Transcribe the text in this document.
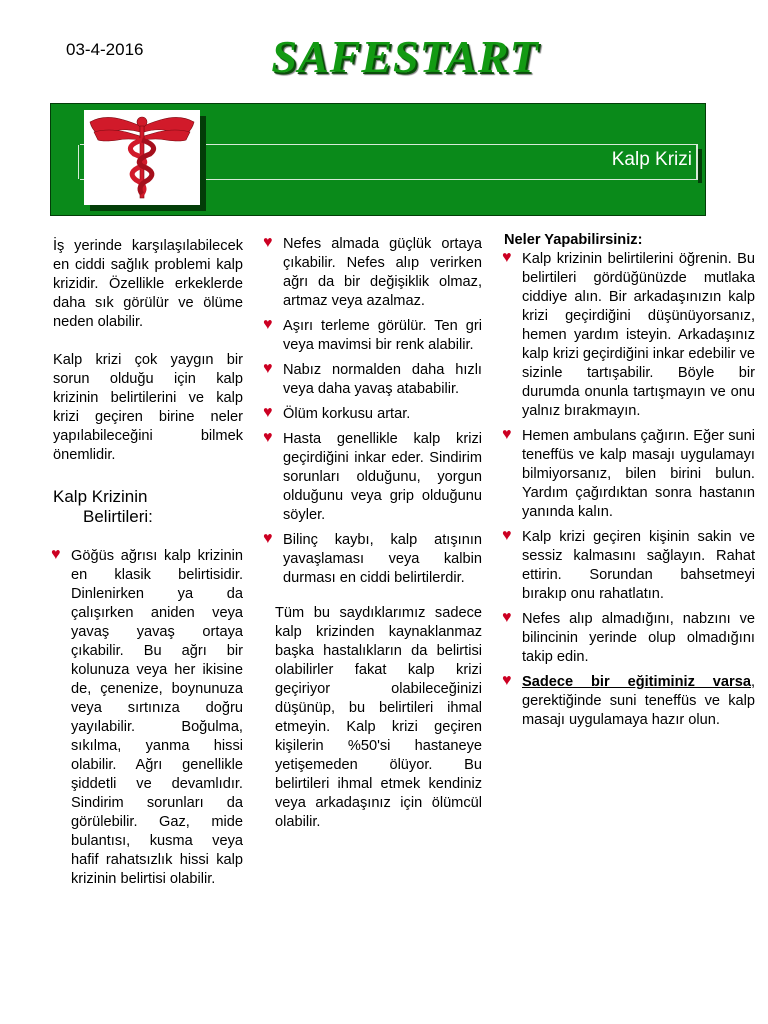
03-4-2016	SAFESTART
Kalp Krizi

İş yerinde karşılaşılabilecek en ciddi sağlık problemi kalp krizidir. Özellikle erkeklerde daha sık görülür ve ölüme neden olabilir.

Kalp krizi çok yaygın bir sorun olduğu için kalp krizinin belirtilerini ve kalp krizi geçiren birine neler yapılabileceğini bilmek önemlidir.

Kalp Krizinin

Belirtileri:

♥ Göğüs ağrısı kalp krizinin en klasik belirtisidir. Dinlenirken ya da çalışırken aniden veya yavaş yavaş ortaya çıkabilir. Bu ağrı bir kolunuza veya her ikisine de, çenenize, boynunuza veya sırtınıza doğru yayılabilir. Boğulma, sıkılma, yanma hissi olabilir. Ağrı genellikle şiddetli ve devamlıdır. Sindirim sorunları da görülebilir. Gaz, mide bulantısı, kusma veya hafif rahatsızlık hissi kalp krizinin belirtisi olabilir.
♥ Nefes almada güçlük ortaya çıkabilir. Nefes alıp verirken ağrı da bir değişiklik olmaz, artmaz veya azalmaz.
♥ Aşırı terleme görülür. Ten gri veya mavimsi bir renk alabilir.
♥ Nabız normalden daha hızlı veya daha yavaş atababilir.
♥ Ölüm korkusu artar.
♥ Hasta genellikle kalp krizi geçirdiğini inkar eder. Sindirim sorunları olduğunu, yorgun olduğunu veya grip olduğunu söyler.
♥ Bilinç kaybı, kalp atışının yavaşlaması veya kalbin durması en ciddi belirtilerdir.

Tüm bu saydıklarımız sadece kalp krizinden kaynaklanmaz başka hastalıkların da belirtisi olabilirler fakat kalp krizi geçiriyor olabileceğinizi düşünüp, bu belirtileri ihmal etmeyin. Kalp krizi geçiren kişilerin %50'si hastaneye yetişemeden ölüyor. Bu belirtileri ihmal etmek kendiniz veya arkadaşınız için ölümcül olabilir.

Neler Yapabilirsiniz:

♥ Kalp krizinin belirtilerini öğrenin. Bu belirtileri gördüğünüzde mutlaka ciddiye alın. Bir arkadaşınızın kalp krizi geçirdiğini düşünüyorsanız, hemen yardım isteyin. Arkadaşınız kalp krizi geçirdiğini inkar edebilir ve sizinle tartışabilir. Böyle bir durumda onunla tartışmayın ve onu yalnız bırakmayın.
♥ Hemen ambulans çağırın. Eğer suni teneffüs ve kalp masajı uygulamayı bilmiyorsanız, bilen birini bulun. Yardım çağırdıktan sonra hastanın yanında kalın.
♥ Kalp krizi geçiren kişinin sakin ve sessiz kalmasını sağlayın. Rahat ettirin. Sorundan bahsetmeyi bırakıp onu rahatlatın.
♥ Nefes alıp almadığını, nabzını ve bilincinin yerinde olup olmadığını takip edin.
♥ Sadece bir eğitiminiz varsa, gerektiğinde suni teneffüs ve kalp masajı uygulamaya hazır olun.
